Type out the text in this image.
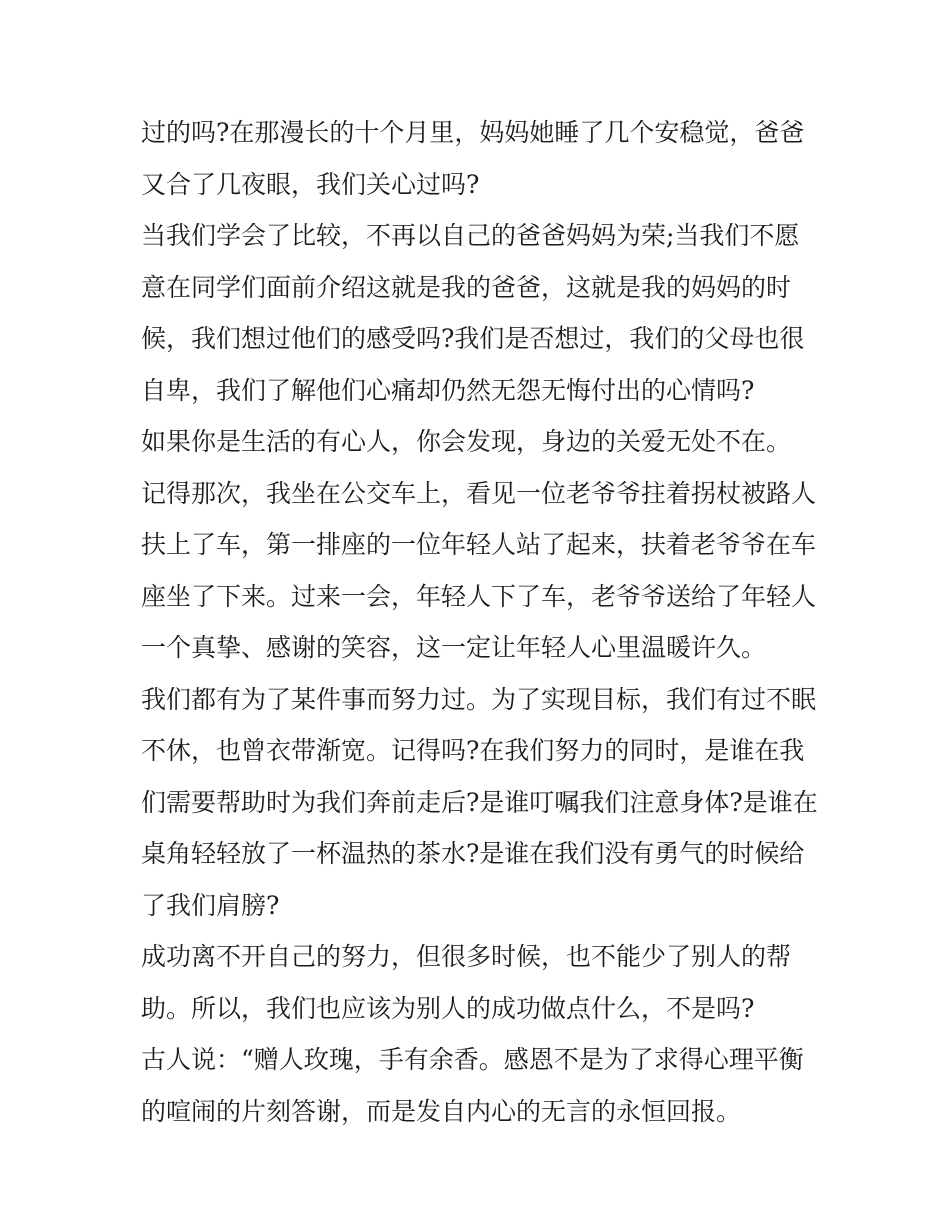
过的吗?在那漫长的十个月里，妈妈她睡了几个安稳觉，爸爸
又合了几夜眼，我们关心过吗?
当我们学会了比较，不再以自己的爸爸妈妈为荣;当我们不愿
意在同学们面前介绍这就是我的爸爸，这就是我的妈妈的时
候，我们想过他们的感受吗?我们是否想过，我们的父母也很
自卑，我们了解他们心痛却仍然无怨无悔付出的心情吗?
如果你是生活的有心人，你会发现，身边的关爱无处不在。
记得那次，我坐在公交车上，看见一位老爷爷拄着拐杖被路人
扶上了车，第一排座的一位年轻人站了起来，扶着老爷爷在车
座坐了下来。过来一会，年轻人下了车，老爷爷送给了年轻人
一个真挚、感谢的笑容，这一定让年轻人心里温暖许久。
我们都有为了某件事而努力过。为了实现目标，我们有过不眠
不休，也曾衣带渐宽。记得吗?在我们努力的同时，是谁在我
们需要帮助时为我们奔前走后?是谁叮嘱我们注意身体?是谁在
桌角轻轻放了一杯温热的茶水?是谁在我们没有勇气的时候给
了我们肩膀?
成功离不开自己的努力，但很多时候，也不能少了别人的帮
助。所以，我们也应该为别人的成功做点什么，不是吗?
古人说：“赠人玫瑰，手有余香。感恩不是为了求得心理平衡
的喧闹的片刻答谢，而是发自内心的无言的永恒回报。
